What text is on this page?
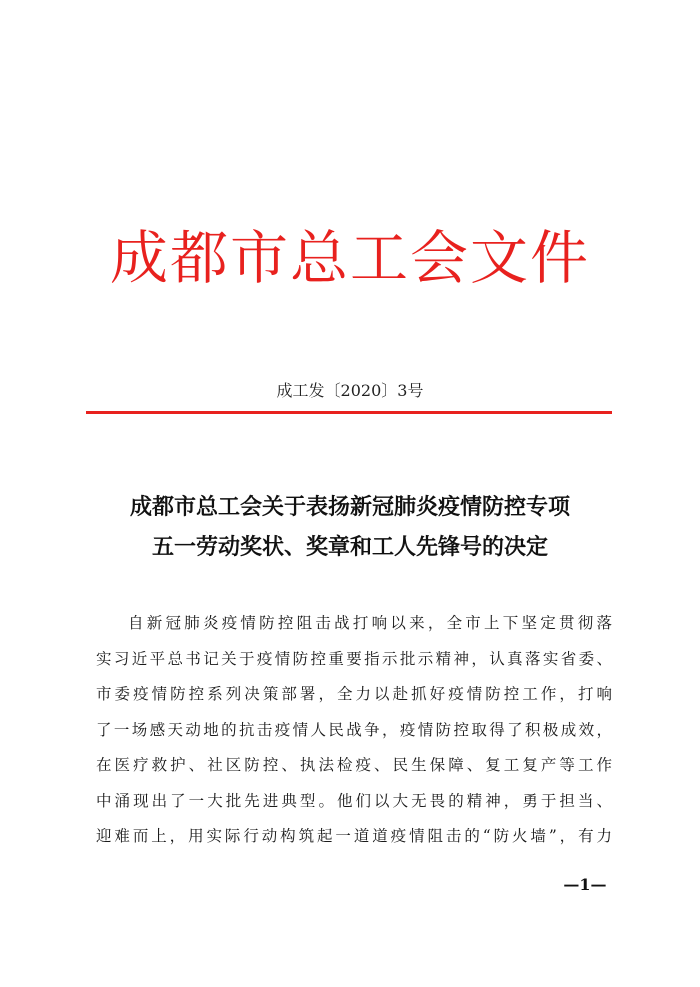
成都市总工会文件
成工发〔2020〕3号
成都市总工会关于表扬新冠肺炎疫情防控专项
五一劳动奖状、奖章和工人先锋号的决定
自新冠肺炎疫情防控阻击战打响以来，全市上下坚定贯彻落
实习近平总书记关于疫情防控重要指示批示精神，认真落实省委、
市委疫情防控系列决策部署，全力以赴抓好疫情防控工作，打响
了一场感天动地的抗击疫情人民战争，疫情防控取得了积极成效，
在医疗救护、社区防控、执法检疫、民生保障、复工复产等工作
中涌现出了一大批先进典型。他们以大无畏的精神，勇于担当、
迎难而上，用实际行动构筑起一道道疫情阻击的“防火墙”，有力
—1—
